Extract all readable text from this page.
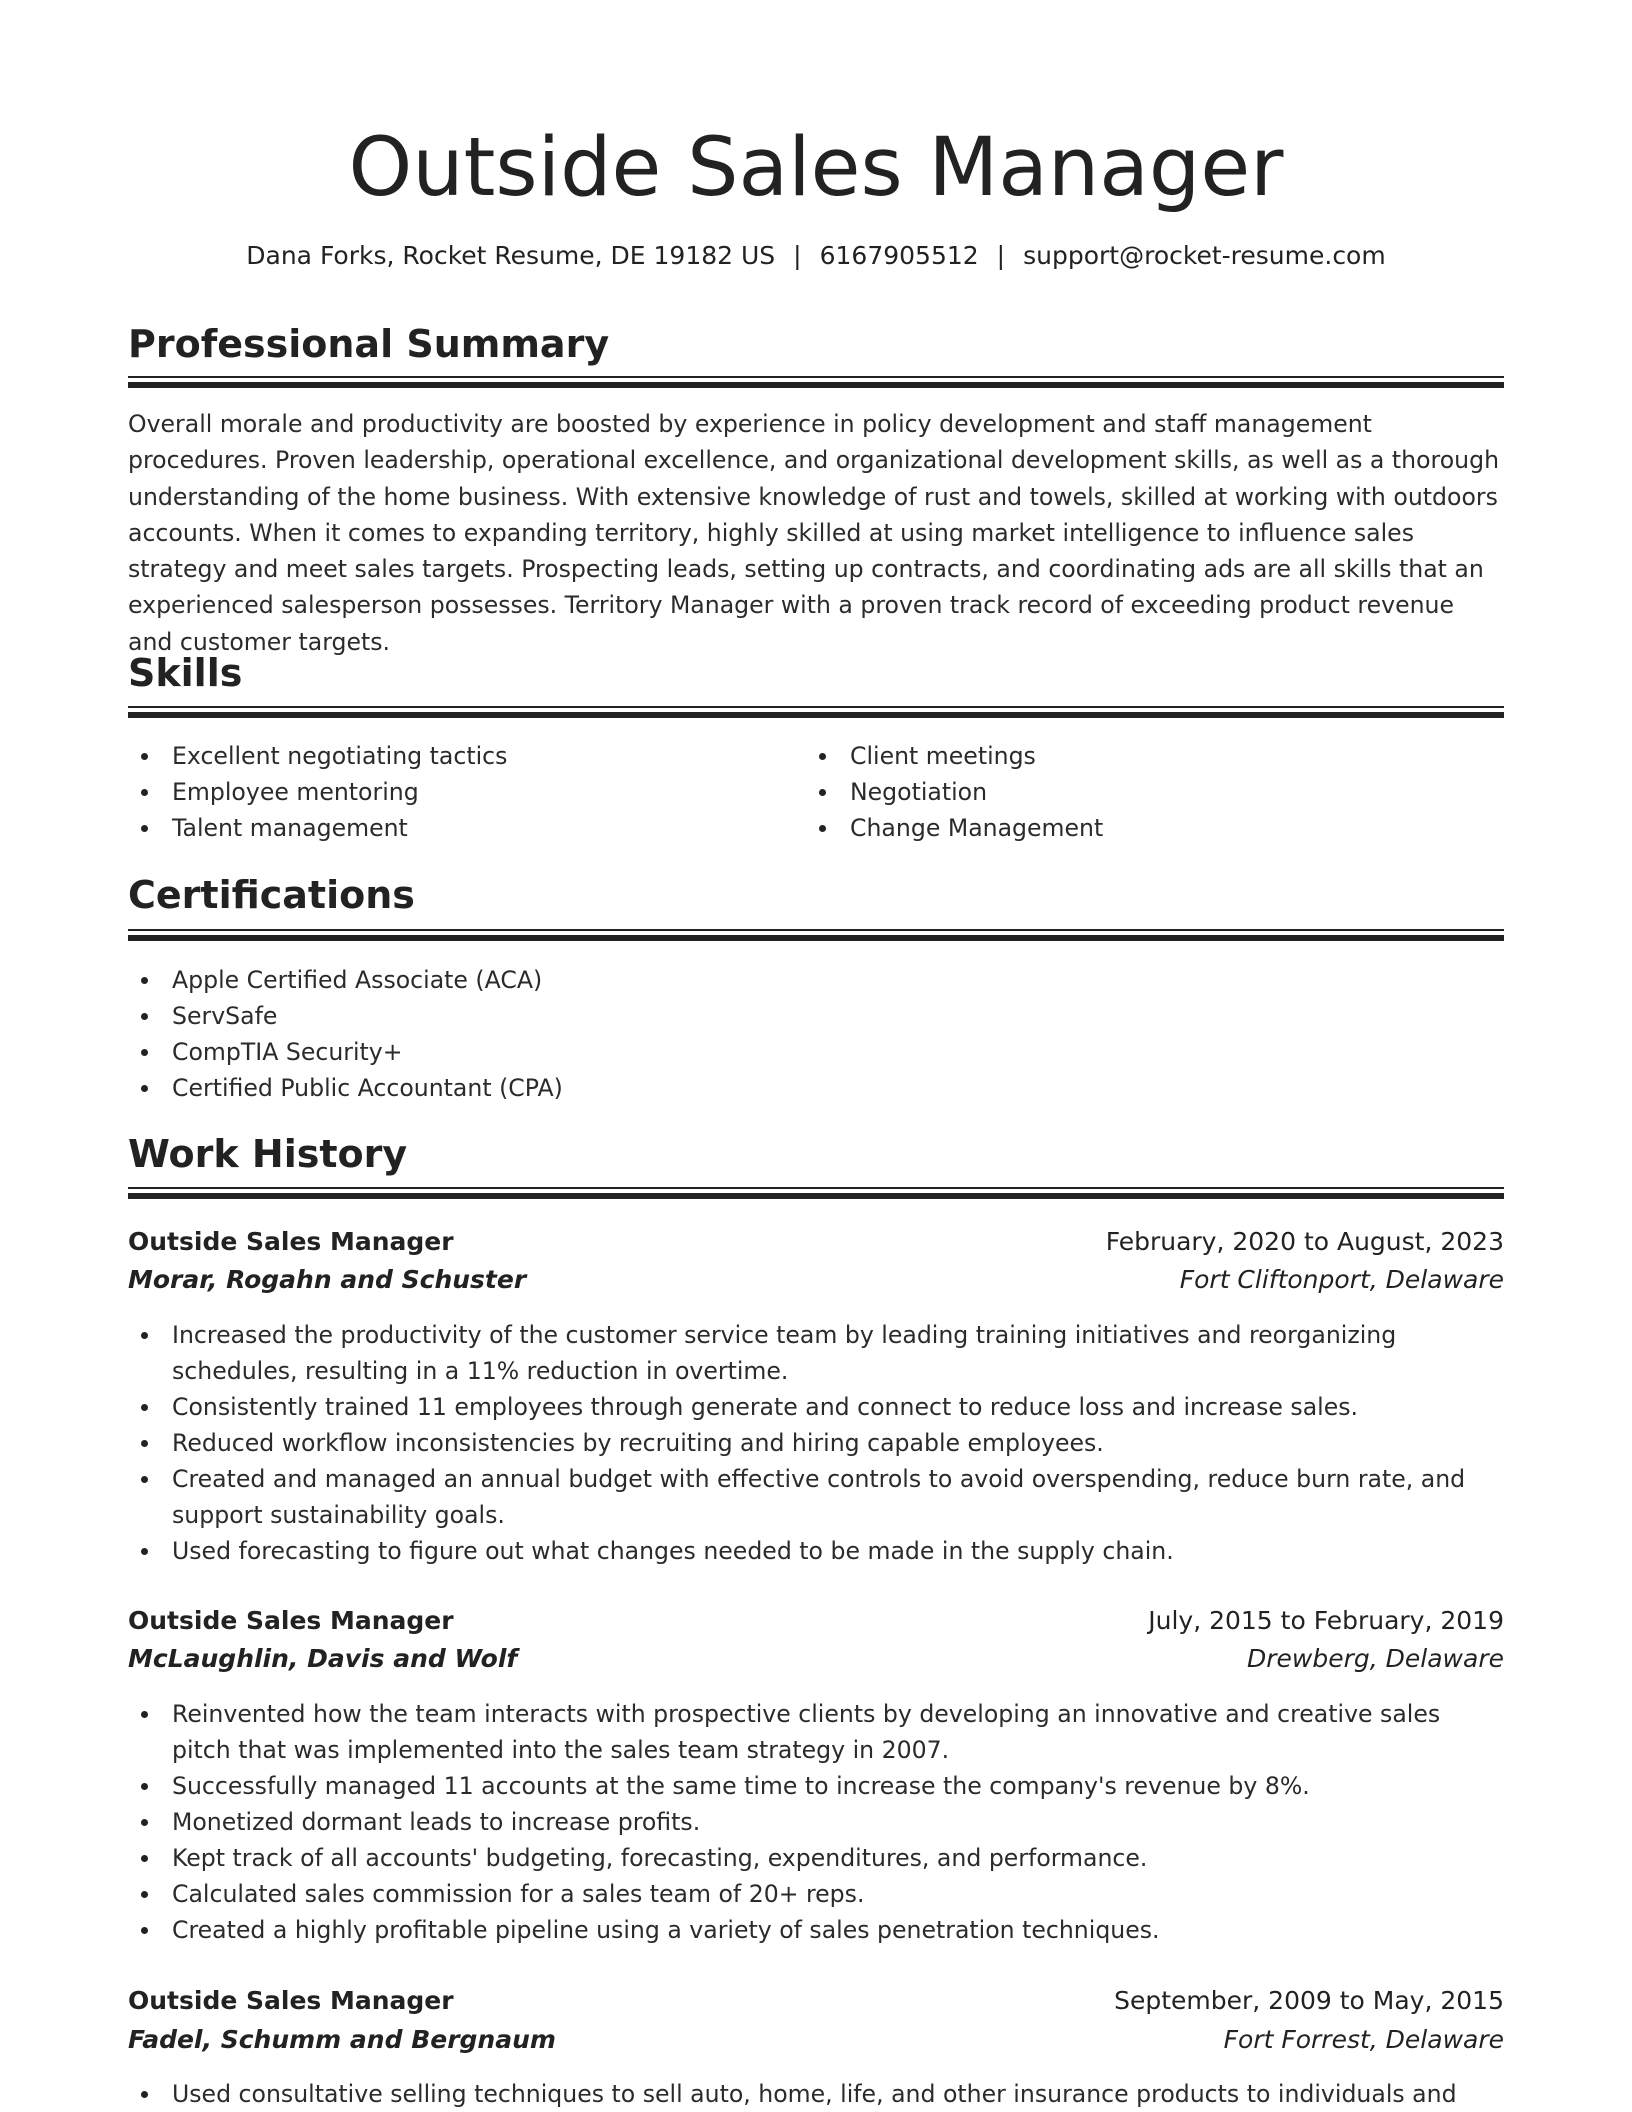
Outside Sales Manager
Dana Forks, Rocket Resume, DE 19182 US | 6167905512 | support@rocket-resume.com
Professional Summary

Overall morale and productivity are boosted by experience in policy development and staff management procedures. Proven leadership, operational excellence, and organizational development skills, as well as a thorough understanding of the home business. With extensive knowledge of rust and towels, skilled at working with outdoors accounts. When it comes to expanding territory, highly skilled at using market intelligence to influence sales strategy and meet sales targets. Prospecting leads, setting up contracts, and coordinating ads are all skills that an experienced salesperson possesses. Territory Manager with a proven track record of exceeding product revenue and customer targets.

Skills
Excellent negotiating tactics
Employee mentoring
Talent management
Client meetings
Negotiation
Change Management
Certifications
Apple Certified Associate (ACA)
ServSafe
CompTIA Security+
Certified Public Accountant (CPA)
Work History
Outside Sales Manager	February, 2020 to August, 2023
Morar, Rogahn and Schuster	Fort Cliftonport, Delaware
Increased the productivity of the customer service team by leading training initiatives and reorganizing schedules, resulting in a 11% reduction in overtime.
Consistently trained 11 employees through generate and connect to reduce loss and increase sales.
Reduced workflow inconsistencies by recruiting and hiring capable employees.
Created and managed an annual budget with effective controls to avoid overspending, reduce burn rate, and support sustainability goals.
Used forecasting to figure out what changes needed to be made in the supply chain.
Outside Sales Manager	July, 2015 to February, 2019
McLaughlin, Davis and Wolf	Drewberg, Delaware
Reinvented how the team interacts with prospective clients by developing an innovative and creative sales pitch that was implemented into the sales team strategy in 2007.
Successfully managed 11 accounts at the same time to increase the company's revenue by 8%.
Monetized dormant leads to increase profits.
Kept track of all accounts' budgeting, forecasting, expenditures, and performance.
Calculated sales commission for a sales team of 20+ reps.
Created a highly profitable pipeline using a variety of sales penetration techniques.
Outside Sales Manager	September, 2009 to May, 2015
Fadel, Schumm and Bergnaum	Fort Forrest, Delaware
Used consultative selling techniques to sell auto, home, life, and other insurance products to individuals and
